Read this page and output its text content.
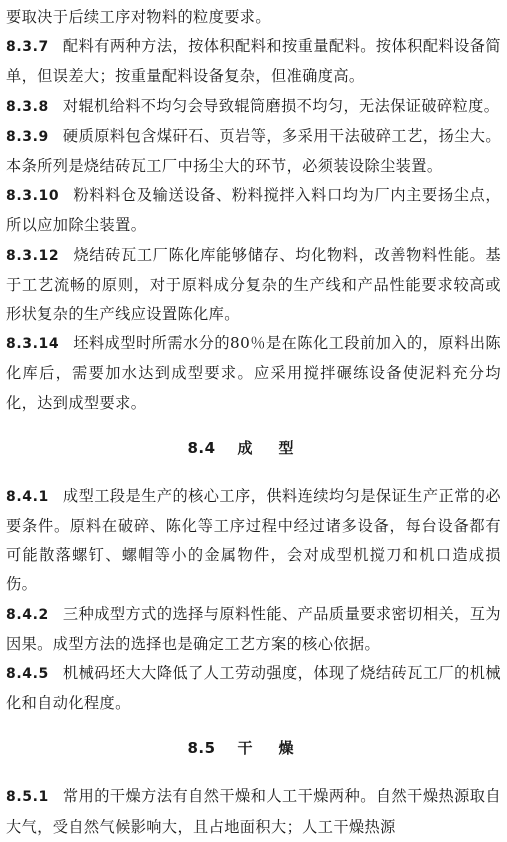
要取决于后续工序对物料的粒度要求。

8.3.7 配料有两种方法，按体积配料和按重量配料。按体积配料设备简单，但误差大；按重量配料设备复杂，但准确度高。

8.3.8 对辊机给料不均匀会导致辊筒磨损不均匀，无法保证破碎粒度。

8.3.9 硬质原料包含煤矸石、页岩等，多采用干法破碎工艺，扬尘大。本条所列是烧结砖瓦工厂中扬尘大的环节，必须装设除尘装置。

8.3.10 粉料料仓及输送设备、粉料搅拌入料口均为厂内主要扬尘点，所以应加除尘装置。

8.3.12 烧结砖瓦工厂陈化库能够储存、均化物料，改善物料性能。基于工艺流畅的原则，对于原料成分复杂的生产线和产品性能要求较高或形状复杂的生产线应设置陈化库。

8.3.14 坯料成型时所需水分的80％是在陈化工段前加入的，原料出陈化库后，需要加水达到成型要求。应采用搅拌碾练设备使泥料充分均化，达到成型要求。

8.4 成型

8.4.1 成型工段是生产的核心工序，供料连续均匀是保证生产正常的必要条件。原料在破碎、陈化等工序过程中经过诸多设备，每台设备都有可能散落螺钉、螺帽等小的金属物件，会对成型机搅刀和机口造成损伤。

8.4.2 三种成型方式的选择与原料性能、产品质量要求密切相关，互为因果。成型方法的选择也是确定工艺方案的核心依据。

8.4.5 机械码坯大大降低了人工劳动强度，体现了烧结砖瓦工厂的机械化和自动化程度。

8.5 干燥

8.5.1 常用的干燥方法有自然干燥和人工干燥两种。自然干燥热源取自大气，受自然气候影响大，且占地面积大；人工干燥热源
